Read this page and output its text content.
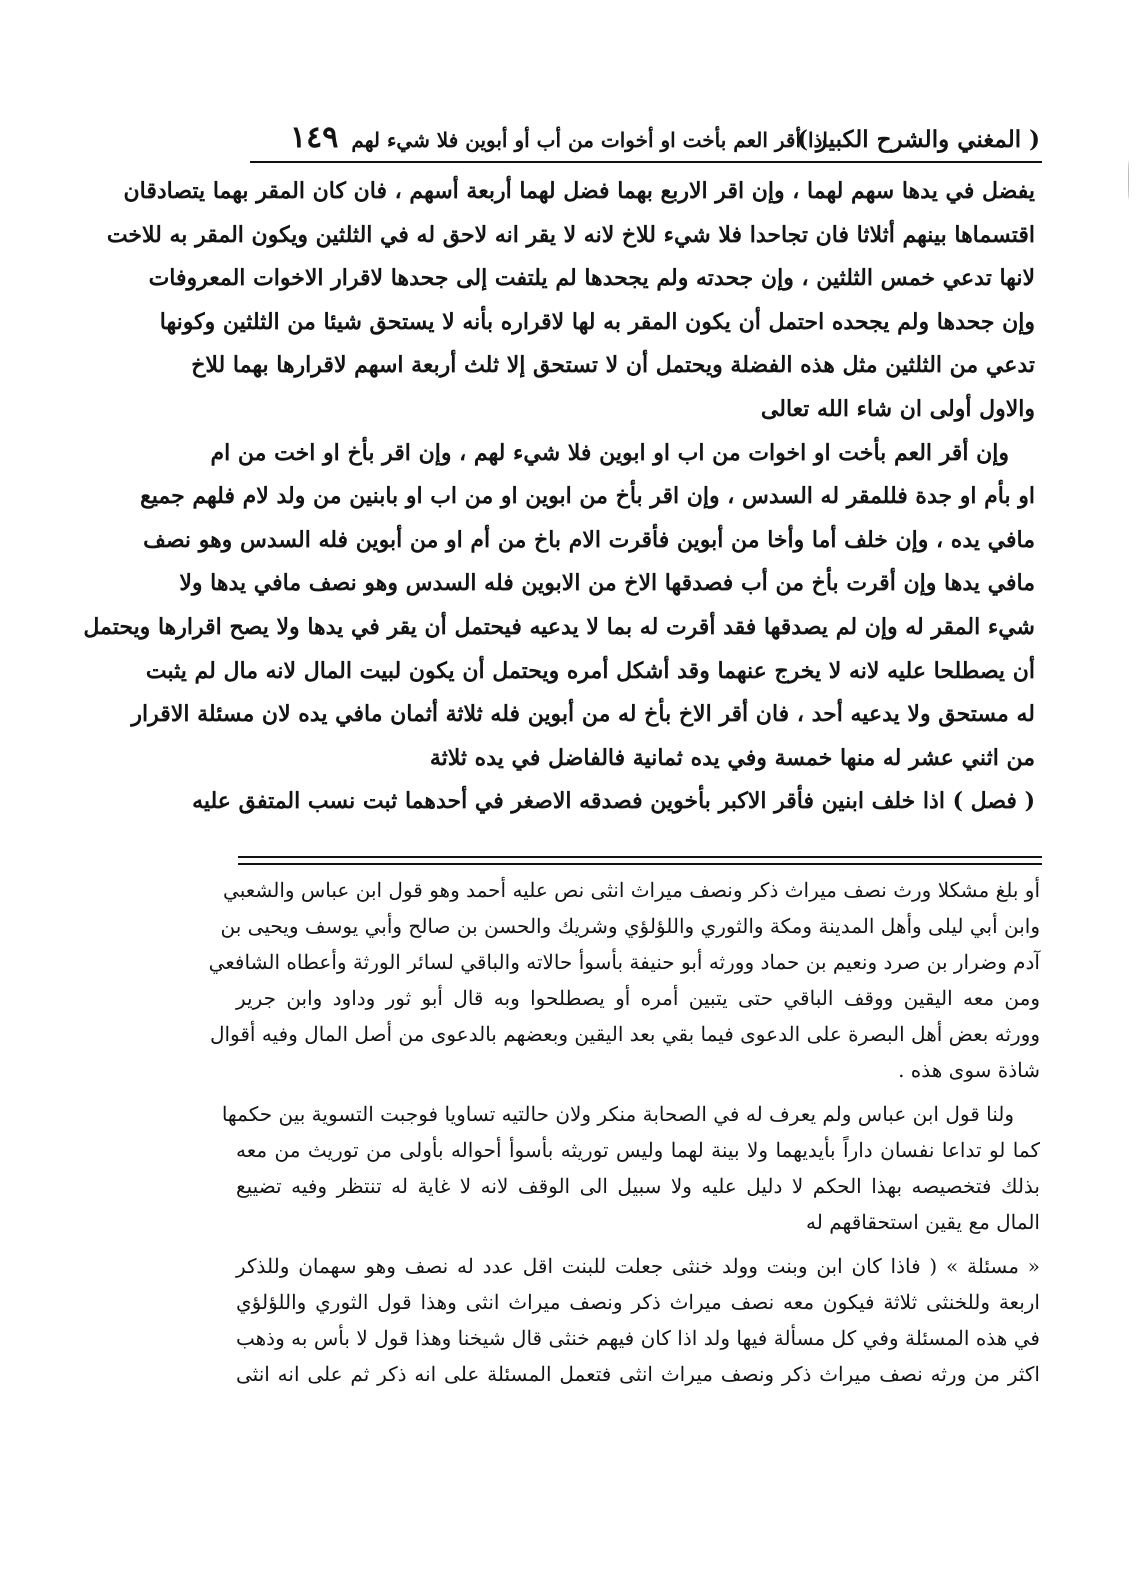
( المغني والشرح الكبير )
اذا أقر العم بأخت او أخوات من أب أو أبوين فلا شيء لهم
١٤٩
يفضل في يدها سهم لهما ، وإن اقر الاربع بهما فضل لهما أربعة أسهم ، فان كان المقر بهما يتصادقان
اقتسماها بينهم أثلاثا فان تجاحدا فلا شيء للاخ لانه لا يقر انه لاحق له في الثلثين ويكون المقر به للاخت
لانها تدعي خمس الثلثين ، وإن جحدته ولم يجحدها لم يلتفت إلى جحدها لاقرار الاخوات المعروفات
وإن جحدها ولم يجحده احتمل أن يكون المقر به لها لاقراره بأنه لا يستحق شيئا من الثلثين وكونها
تدعي من الثلثين مثل هذه الفضلة ويحتمل أن لا تستحق إلا ثلث أربعة اسهم لاقرارها بهما للاخ
والاول أولى ان شاء الله تعالى
وإن أقر العم بأخت او اخوات من اب او ابوين فلا شيء لهم ، وإن اقر بأخ او اخت من ام
او بأم او جدة فللمقر له السدس ، وإن اقر بأخ من ابوين او من اب او بابنين من ولد لام فلهم جميع
مافي يده ، وإن خلف أما وأخا من أبوين فأقرت الام باخ من أم او من أبوين فله السدس وهو نصف
مافي يدها وإن أقرت بأخ من أب فصدقها الاخ من الابوين فله السدس وهو نصف مافي يدها ولا
شيء المقر له وإن لم يصدقها فقد أقرت له بما لا يدعيه فيحتمل أن يقر في يدها ولا يصح اقرارها ويحتمل
أن يصطلحا عليه لانه لا يخرج عنهما وقد أشكل أمره ويحتمل أن يكون لبيت المال لانه مال لم يثبت
له مستحق ولا يدعيه أحد ، فان أقر الاخ بأخ له من أبوين فله ثلاثة أثمان مافي يده لان مسئلة الاقرار
من اثني عشر له منها خمسة وفي يده ثمانية فالفاضل في يده ثلاثة
( فصل ) اذا خلف ابنين فأقر الاكبر بأخوين فصدقه الاصغر في أحدهما ثبت نسب المتفق عليه
أو بلغ مشكلا ورث نصف ميراث ذكر ونصف ميراث انثى نص عليه أحمد وهو قول ابن عباس والشعبي
وابن أبي ليلى وأهل المدينة ومكة والثوري واللؤلؤي وشريك والحسن بن صالح وأبي يوسف ويحيى بن
آدم وضرار بن صرد ونعيم بن حماد وورثه أبو حنيفة بأسوأ حالاته والباقي لسائر الورثة وأعطاه الشافعي
ومن معه اليقين ووقف الباقي حتى يتبين أمره أو يصطلحوا وبه قال أبو ثور وداود وابن جرير
وورثه بعض أهل البصرة على الدعوى فيما بقي بعد اليقين وبعضهم بالدعوى من أصل المال وفيه أقوال
شاذة سوى هذه .
ولنا قول ابن عباس ولم يعرف له في الصحابة منكر ولان حالتيه تساويا فوجبت التسوية بين حكمها
كما لو تداعا نفسان داراً بأيديهما ولا بينة لهما وليس توريثه بأسوأ أحواله بأولى من توريث من معه
بذلك فتخصيصه بهذا الحكم لا دليل عليه ولا سبيل الى الوقف لانه لا غاية له تنتظر وفيه تضييع
المال مع يقين استحقاقهم له
« مسئلة » ( فاذا كان ابن وبنت وولد خنثى جعلت للبنت اقل عدد له نصف وهو سهمان وللذكر
اربعة وللخنثى ثلاثة فيكون معه نصف ميراث ذكر ونصف ميراث انثى وهذا قول الثوري واللؤلؤي
في هذه المسئلة وفي كل مسألة فيها ولد اذا كان فيهم خنثى قال شيخنا وهذا قول لا بأس به وذهب
اكثر من ورثه نصف ميراث ذكر ونصف ميراث انثى فتعمل المسئلة على انه ذكر ثم على انه انثى
